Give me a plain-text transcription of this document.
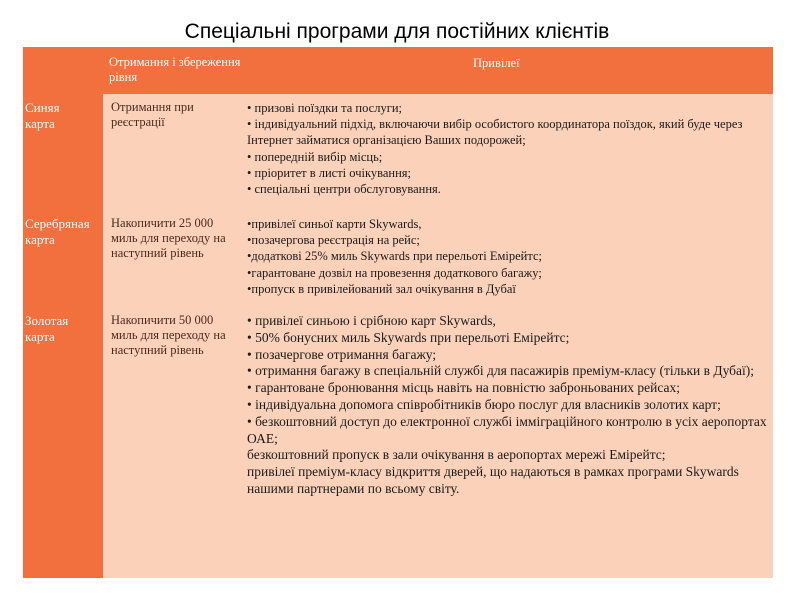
Спеціальні програми для постійних клієнтів
Отримання і збереження рівня
Привілеї
Синяя карта
Отримання при реєстрації
• призові поїздки та послуги;
• індивідуальний підхід, включаючи вибір особистого координатора поїздок, який буде через Інтернет займатися організацією Ваших подорожей;
• попередній вибір місць;
• пріоритет в листі очікування;
• спеціальні центри обслуговування.
Серебряная карта
Накопичити 25 000 миль для переходу на наступний рівень
•привілеї синьої карти Skywards,
•позачергова реєстрація на рейс;
•додаткові 25% миль Skywards при перельоті Емірейтс;
•гарантоване дозвіл на провезення додаткового багажу;
•пропуск в привілейований зал очікування в Дубаї
Золотая карта
Накопичити 50 000 миль для переходу на наступний рівень
• привілеї синьою і срібною карт Skywards,
• 50% бонусних миль Skywards при перельоті Емірейтс;
• позачергове отримання багажу;
• отримання багажу в спеціальній службі для пасажирів преміум-класу (тільки в Дубаї);
• гарантоване бронювання місць навіть на повністю заброньованих рейсах;
• індивідуальна допомога співробітників бюро послуг для власників золотих карт;
• безкоштовний доступ до електронної службі імміграційного контролю в усіх аеропортах ОАЕ;
безкоштовний пропуск в зали очікування в аеропортах мережі Емірейтс;
привілеї преміум-класу відкриття дверей, що надаються в рамках програми Skywards нашими партнерами по всьому світу.
